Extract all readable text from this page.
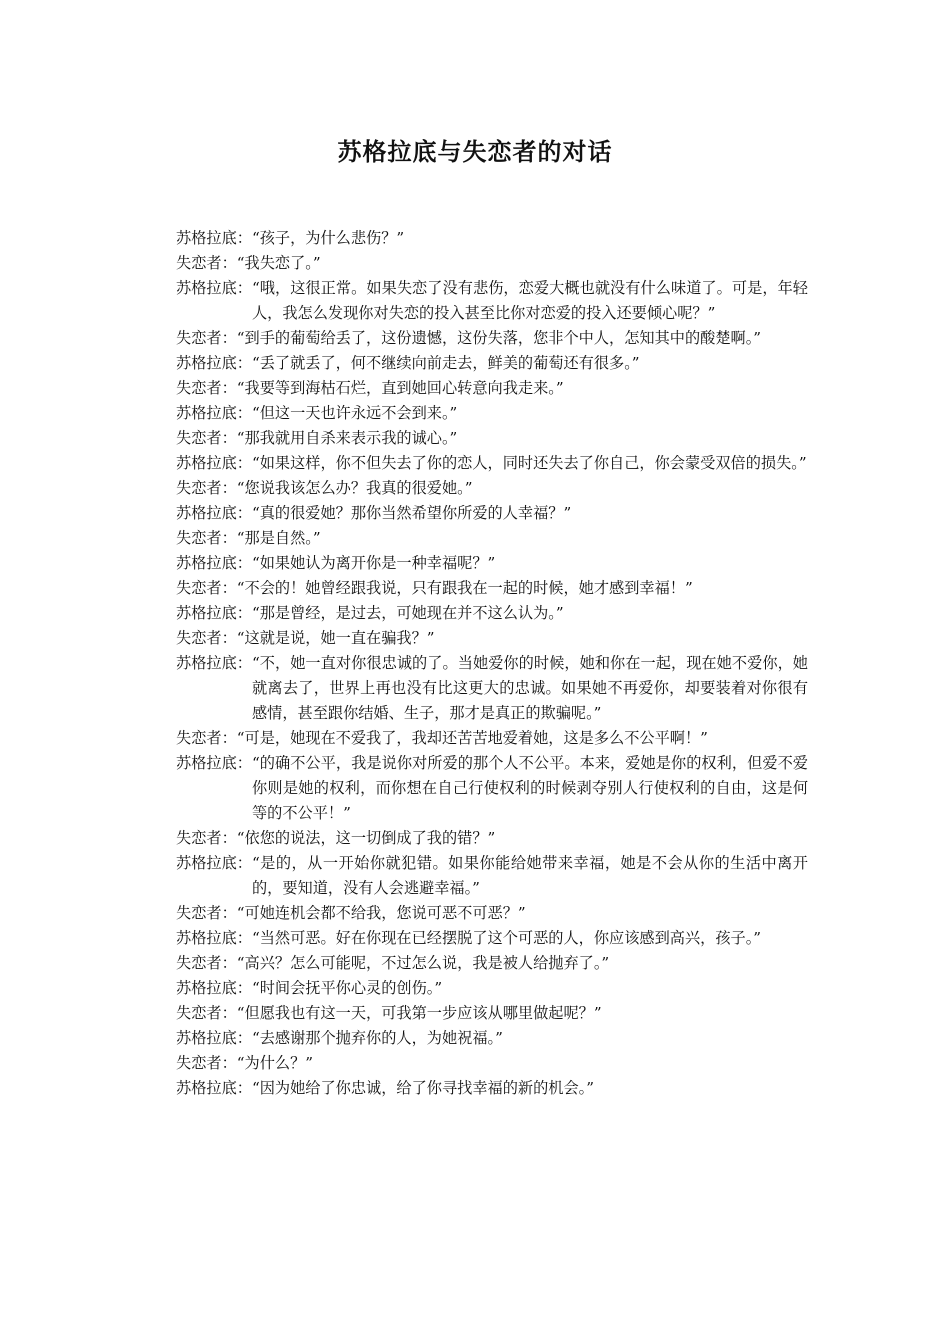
苏格拉底与失恋者的对话
苏格拉底： “孩子，为什么悲伤？”
失恋者： “我失恋了。”
苏格拉底： “哦，这很正常。如果失恋了没有悲伤，恋爱大概也就没有什么味道了。可是，年轻人，我怎么发现你对失恋的投入甚至比你对恋爱的投入还要倾心呢？”
失恋者： “到手的葡萄给丢了，这份遗憾，这份失落，您非个中人，怎知其中的酸楚啊。”
苏格拉底： “丢了就丢了，何不继续向前走去，鲜美的葡萄还有很多。”
失恋者： “我要等到海枯石烂，直到她回心转意向我走来。”
苏格拉底： “但这一天也许永远不会到来。”
失恋者： “那我就用自杀来表示我的诚心。”
苏格拉底： “如果这样，你不但失去了你的恋人，同时还失去了你自己，你会蒙受双倍的损失。”
失恋者： “您说我该怎么办？我真的很爱她。”
苏格拉底： “真的很爱她？那你当然希望你所爱的人幸福？”
失恋者： “那是自然。”
苏格拉底： “如果她认为离开你是一种幸福呢？”
失恋者： “不会的！她曾经跟我说，只有跟我在一起的时候，她才感到幸福！”
苏格拉底： “那是曾经，是过去，可她现在并不这么认为。”
失恋者： “这就是说，她一直在骗我？”
苏格拉底： “不，她一直对你很忠诚的了。当她爱你的时候，她和你在一起，现在她不爱你，她就离去了，世界上再也没有比这更大的忠诚。如果她不再爱你，却要装着对你很有感情，甚至跟你结婚、生子，那才是真正的欺骗呢。”
失恋者： “可是，她现在不爱我了，我却还苦苦地爱着她，这是多么不公平啊！”
苏格拉底： “的确不公平，我是说你对所爱的那个人不公平。本来，爱她是你的权利，但爱不爱你则是她的权利，而你想在自己行使权利的时候剥夺别人行使权利的自由，这是何等的不公平！”
失恋者： “依您的说法，这一切倒成了我的错？”
苏格拉底： “是的，从一开始你就犯错。如果你能给她带来幸福，她是不会从你的生活中离开的，要知道，没有人会逃避幸福。”
失恋者： “可她连机会都不给我，您说可恶不可恶？”
苏格拉底： “当然可恶。好在你现在已经摆脱了这个可恶的人，你应该感到高兴，孩子。”
失恋者： “高兴？怎么可能呢，不过怎么说，我是被人给抛弃了。”
苏格拉底： “时间会抚平你心灵的创伤。”
失恋者： “但愿我也有这一天，可我第一步应该从哪里做起呢？”
苏格拉底： “去感谢那个抛弃你的人，为她祝福。”
失恋者： “为什么？”
苏格拉底： “因为她给了你忠诚，给了你寻找幸福的新的机会。”
